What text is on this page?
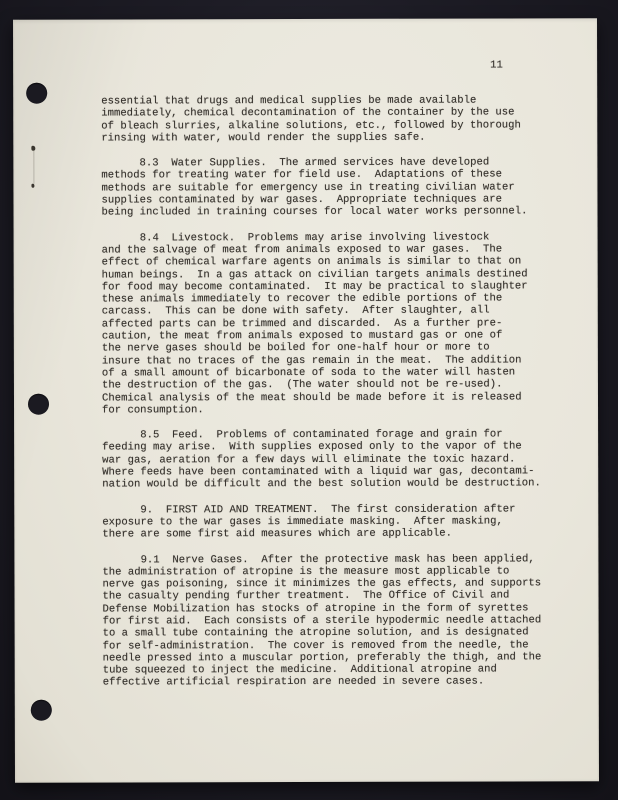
11
essential that drugs and medical supplies be made available
immediately, chemical decontamination of the container by the use
of bleach slurries, alkaline solutions, etc., followed by thorough
rinsing with water, would render the supplies safe.
8.3  Water Supplies.  The armed services have developed
methods for treating water for field use.  Adaptations of these
methods are suitable for emergency use in treating civilian water
supplies contaminated by war gases.  Appropriate techniques are
being included in training courses for local water works personnel.
8.4  Livestock.  Problems may arise involving livestock
and the salvage of meat from animals exposed to war gases.  The
effect of chemical warfare agents on animals is similar to that on
human beings.  In a gas attack on civilian targets animals destined
for food may become contaminated.  It may be practical to slaughter
these animals immediately to recover the edible portions of the
carcass.  This can be done with safety.  After slaughter, all
affected parts can be trimmed and discarded.  As a further pre-
caution, the meat from animals exposed to mustard gas or one of
the nerve gases should be boiled for one-half hour or more to
insure that no traces of the gas remain in the meat.  The addition
of a small amount of bicarbonate of soda to the water will hasten
the destruction of the gas.  (The water should not be re-used).
Chemical analysis of the meat should be made before it is released
for consumption.
8.5  Feed.  Problems of contaminated forage and grain for
feeding may arise.  With supplies exposed only to the vapor of the
war gas, aeration for a few days will eliminate the toxic hazard.
Where feeds have been contaminated with a liquid war gas, decontami-
nation would be difficult and the best solution would be destruction.
9.  FIRST AID AND TREATMENT.  The first consideration after
exposure to the war gases is immediate masking.  After masking,
there are some first aid measures which are applicable.
9.1  Nerve Gases.  After the protective mask has been applied,
the administration of atropine is the measure most applicable to
nerve gas poisoning, since it minimizes the gas effects, and supports
the casualty pending further treatment.  The Office of Civil and
Defense Mobilization has stocks of atropine in the form of syrettes
for first aid.  Each consists of a sterile hypodermic needle attached
to a small tube containing the atropine solution, and is designated
for self-administration.  The cover is removed from the needle, the
needle pressed into a muscular portion, preferably the thigh, and the
tube squeezed to inject the medicine.  Additional atropine and
effective artificial respiration are needed in severe cases.
